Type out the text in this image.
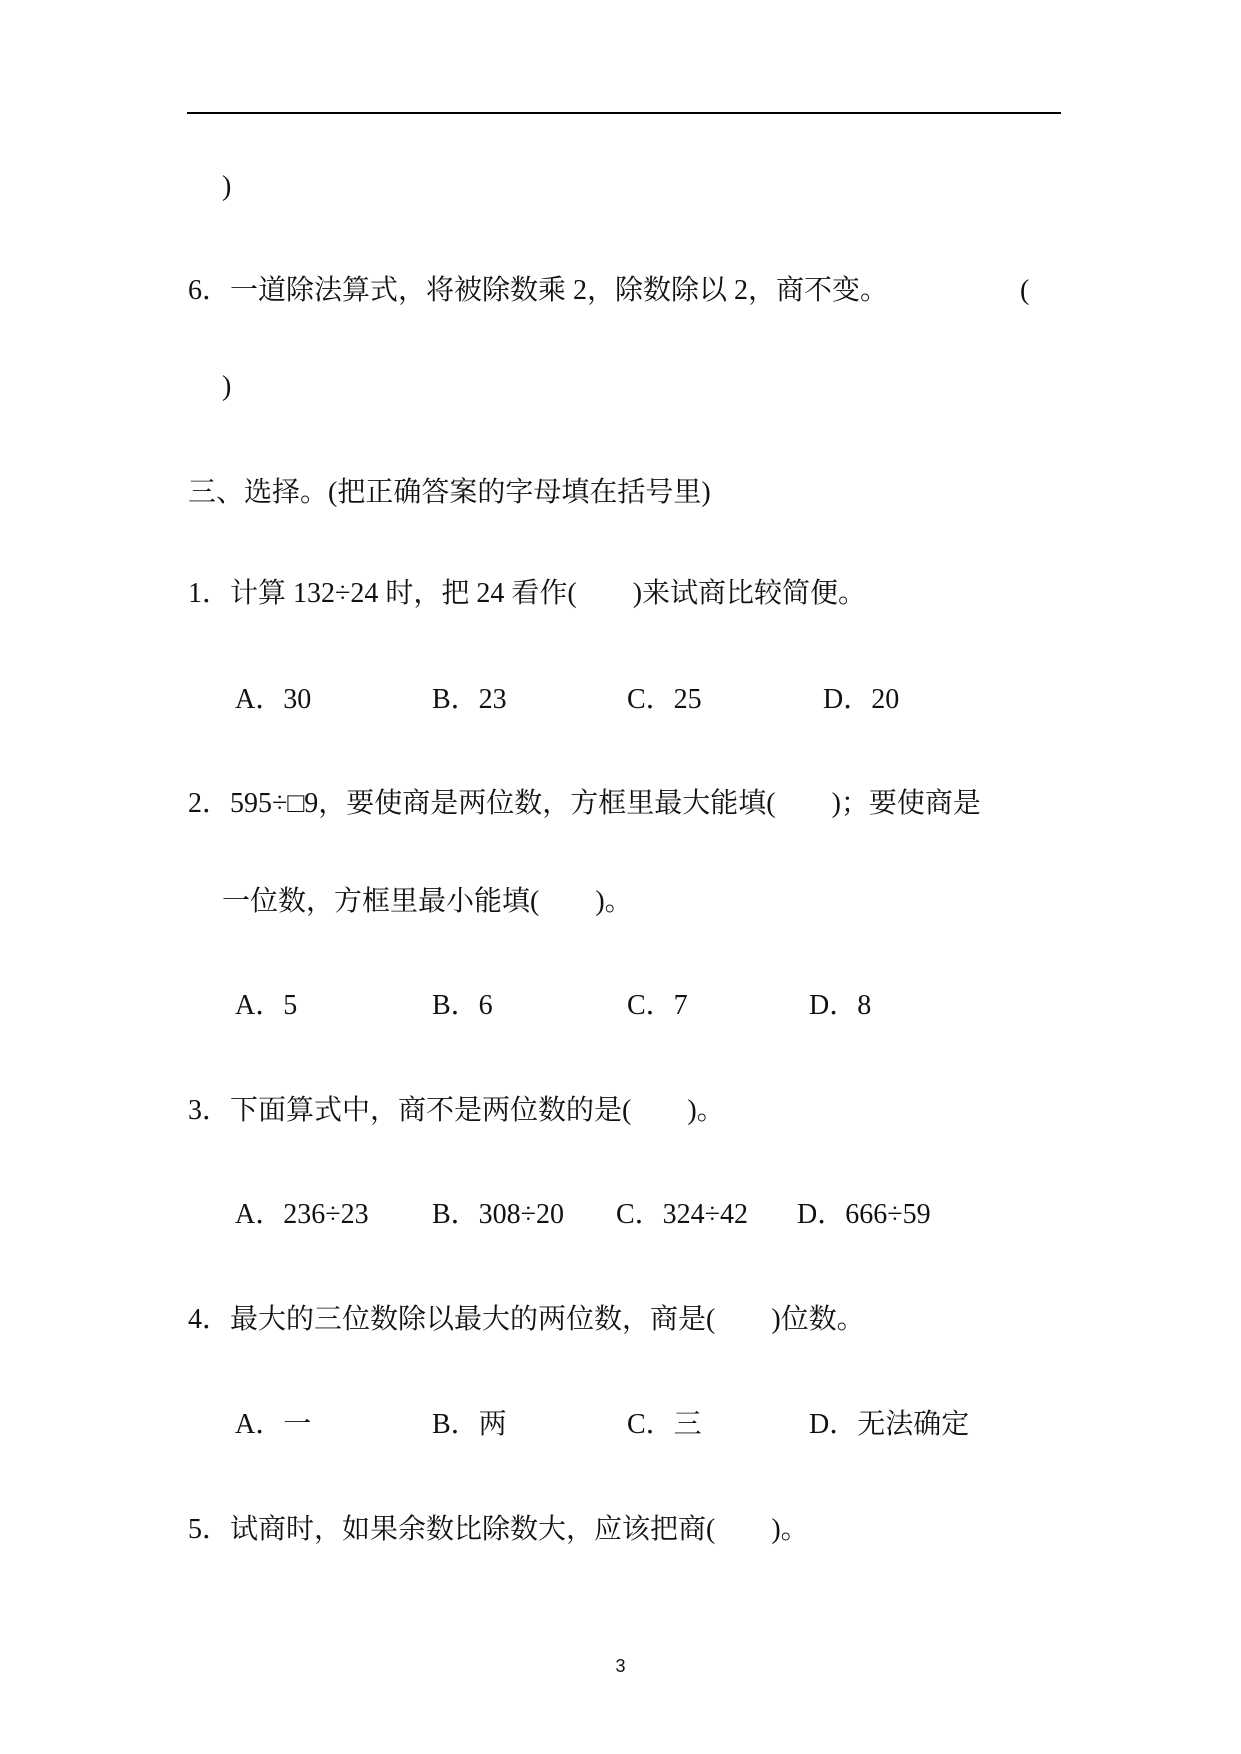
)
6．一道除法算式，将被除数乘 2，除数除以 2，商不变。	(
)
三、选择。(把正确答案的字母填在括号里)
1．计算 132÷24 时，把 24 看作(　　)来试商比较简便。
A．30	B．23	C．25	D．20
2．595÷□9，要使商是两位数，方框里最大能填(　　)；要使商是
一位数，方框里最小能填(　　)。
A．5	B．6	C．7	D．8
3．下面算式中，商不是两位数的是(　　)。
A．236÷23 B．308÷20 C．324÷42 D．666÷59
4．最大的三位数除以最大的两位数，商是(　　)位数。
A．一	B．两	C．三	D．无法确定
5．试商时，如果余数比除数大，应该把商(　　)。
3
